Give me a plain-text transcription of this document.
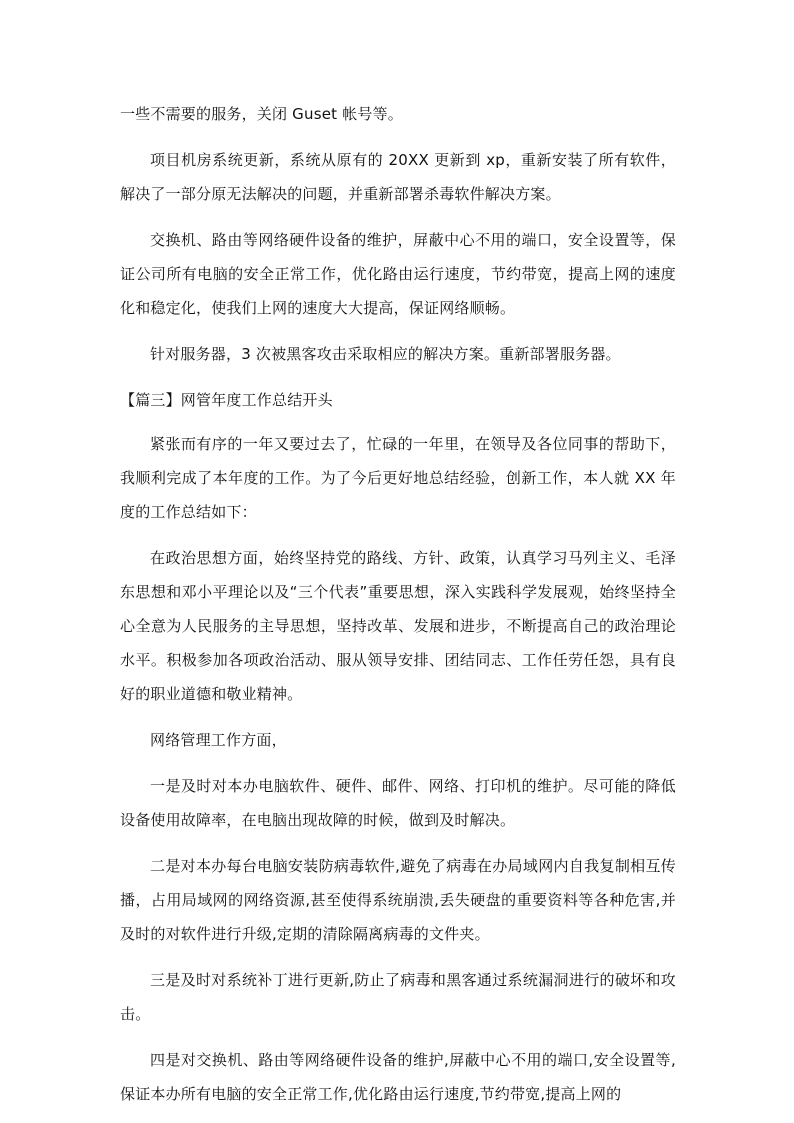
一些不需要的服务，关闭 Guset 帐号等。

项目机房系统更新，系统从原有的 20XX 更新到 xp，重新安装了所有软件，解决了一部分原无法解决的问题，并重新部署杀毒软件解决方案。

交换机、路由等网络硬件设备的维护，屏蔽中心不用的端口，安全设置等，保证公司所有电脑的安全正常工作，优化路由运行速度，节约带宽，提高上网的速度化和稳定化，使我们上网的速度大大提高，保证网络顺畅。

针对服务器，3 次被黑客攻击采取相应的解决方案。重新部署服务器。

【篇三】网管年度工作总结开头

紧张而有序的一年又要过去了，忙碌的一年里，在领导及各位同事的帮助下，我顺利完成了本年度的工作。为了今后更好地总结经验，创新工作，本人就 XX 年度的工作总结如下：

在政治思想方面，始终坚持党的路线、方针、政策，认真学习马列主义、毛泽东思想和邓小平理论以及“三个代表”重要思想，深入实践科学发展观，始终坚持全心全意为人民服务的主导思想，坚持改革、发展和进步，不断提高自己的政治理论水平。积极参加各项政治活动、服从领导安排、团结同志、工作任劳任怨，具有良好的职业道德和敬业精神。

网络管理工作方面，

一是及时对本办电脑软件、硬件、邮件、网络、打印机的维护。尽可能的降低设备使用故障率，在电脑出现故障的时候，做到及时解决。

二是对本办每台电脑安装防病毒软件,避免了病毒在办局域网内自我复制相互传播，占用局域网的网络资源,甚至使得系统崩溃,丢失硬盘的重要资料等各种危害,并及时的对软件进行升级,定期的清除隔离病毒的文件夹。

三是及时对系统补丁进行更新,防止了病毒和黑客通过系统漏洞进行的破坏和攻击。

四是对交换机、路由等网络硬件设备的维护,屏蔽中心不用的端口,安全设置等,保证本办所有电脑的安全正常工作,优化路由运行速度,节约带宽,提高上网的
